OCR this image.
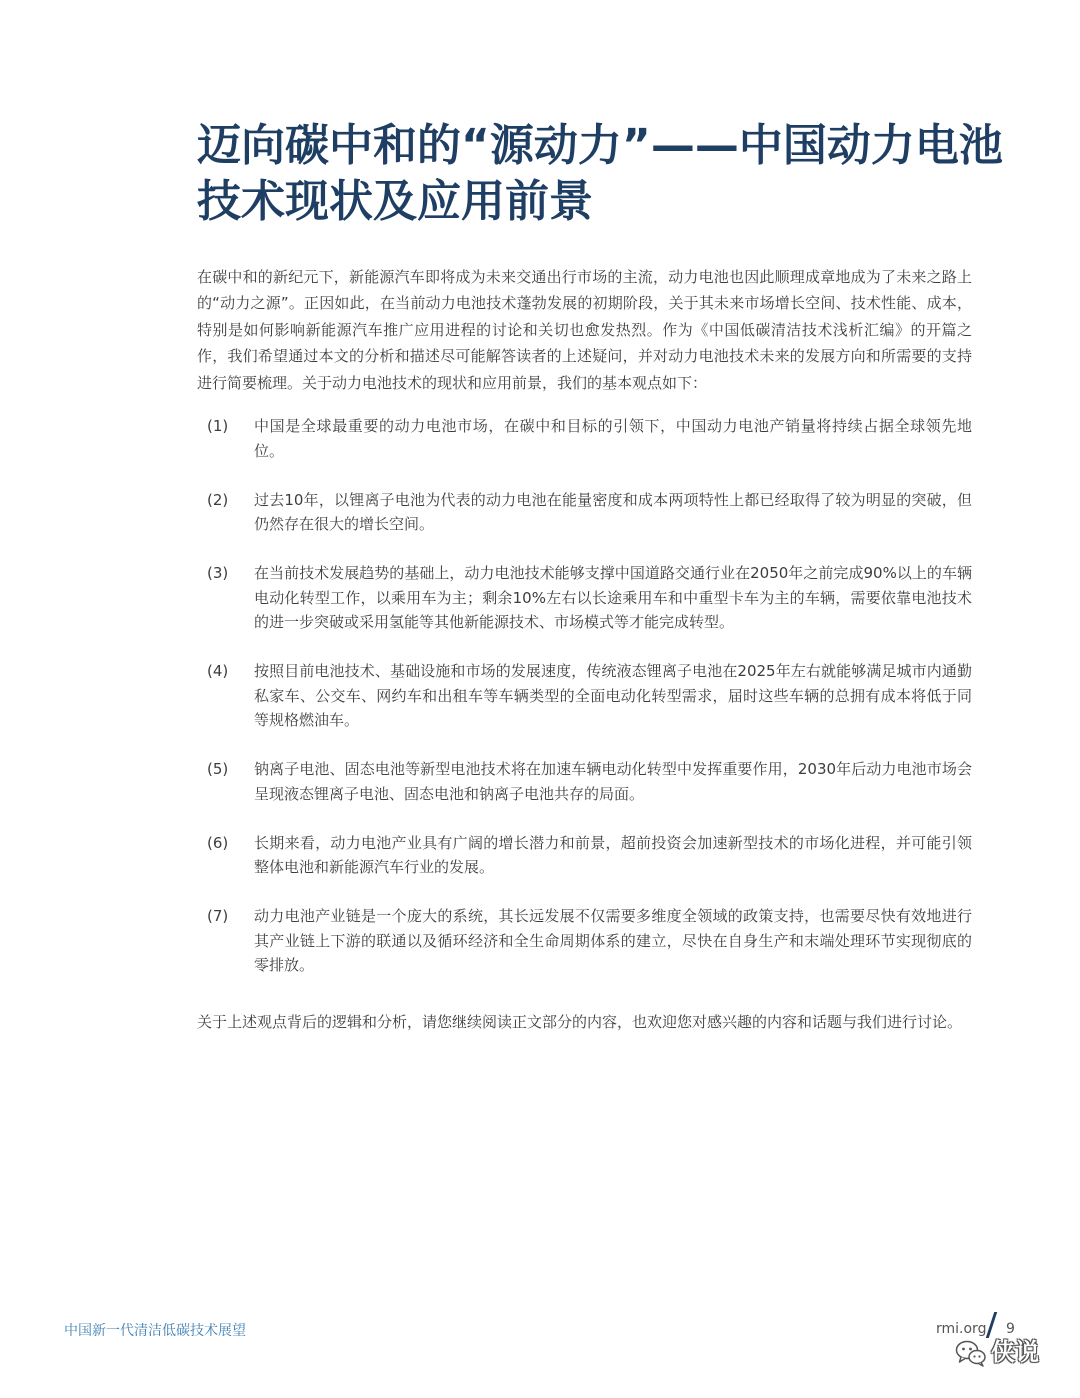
迈向碳中和的“源动力”——中国动力电池
技术现状及应用前景

在碳中和的新纪元下，新能源汽车即将成为未来交通出行市场的主流，动力电池也因此顺理成章地成为了未来之路上的“动力之源”。正因如此，在当前动力电池技术蓬勃发展的初期阶段，关于其未来市场增长空间、技术性能、成本，特别是如何影响新能源汽车推广应用进程的讨论和关切也愈发热烈。作为《中国低碳清洁技术浅析汇编》的开篇之作，我们希望通过本文的分析和描述尽可能解答读者的上述疑问，并对动力电池技术未来的发展方向和所需要的支持进行简要梳理。关于动力电池技术的现状和应用前景，我们的基本观点如下：

(1) 中国是全球最重要的动力电池市场，在碳中和目标的引领下，中国动力电池产销量将持续占据全球领先地位。
(2) 过去10年，以锂离子电池为代表的动力电池在能量密度和成本两项特性上都已经取得了较为明显的突破，但仍然存在很大的增长空间。
(3) 在当前技术发展趋势的基础上，动力电池技术能够支撑中国道路交通行业在2050年之前完成90%以上的车辆电动化转型工作，以乘用车为主；剩余10%左右以长途乘用车和中重型卡车为主的车辆，需要依靠电池技术的进一步突破或采用氢能等其他新能源技术、市场模式等才能完成转型。
(4) 按照目前电池技术、基础设施和市场的发展速度，传统液态锂离子电池在2025年左右就能够满足城市内通勤私家车、公交车、网约车和出租车等车辆类型的全面电动化转型需求，届时这些车辆的总拥有成本将低于同等规格燃油车。
(5) 钠离子电池、固态电池等新型电池技术将在加速车辆电动化转型中发挥重要作用，2030年后动力电池市场会呈现液态锂离子电池、固态电池和钠离子电池共存的局面。
(6) 长期来看，动力电池产业具有广阔的增长潜力和前景，超前投资会加速新型技术的市场化进程，并可能引领整体电池和新能源汽车行业的发展。
(7) 动力电池产业链是一个庞大的系统，其长远发展不仅需要多维度全领域的政策支持，也需要尽快有效地进行其产业链上下游的联通以及循环经济和全生命周期体系的建立，尽快在自身生产和末端处理环节实现彻底的零排放。

关于上述观点背后的逻辑和分析，请您继续阅读正文部分的内容，也欢迎您对感兴趣的内容和话题与我们进行讨论。

中国新一代清洁低碳技术展望	rmi.org 9
侠说
